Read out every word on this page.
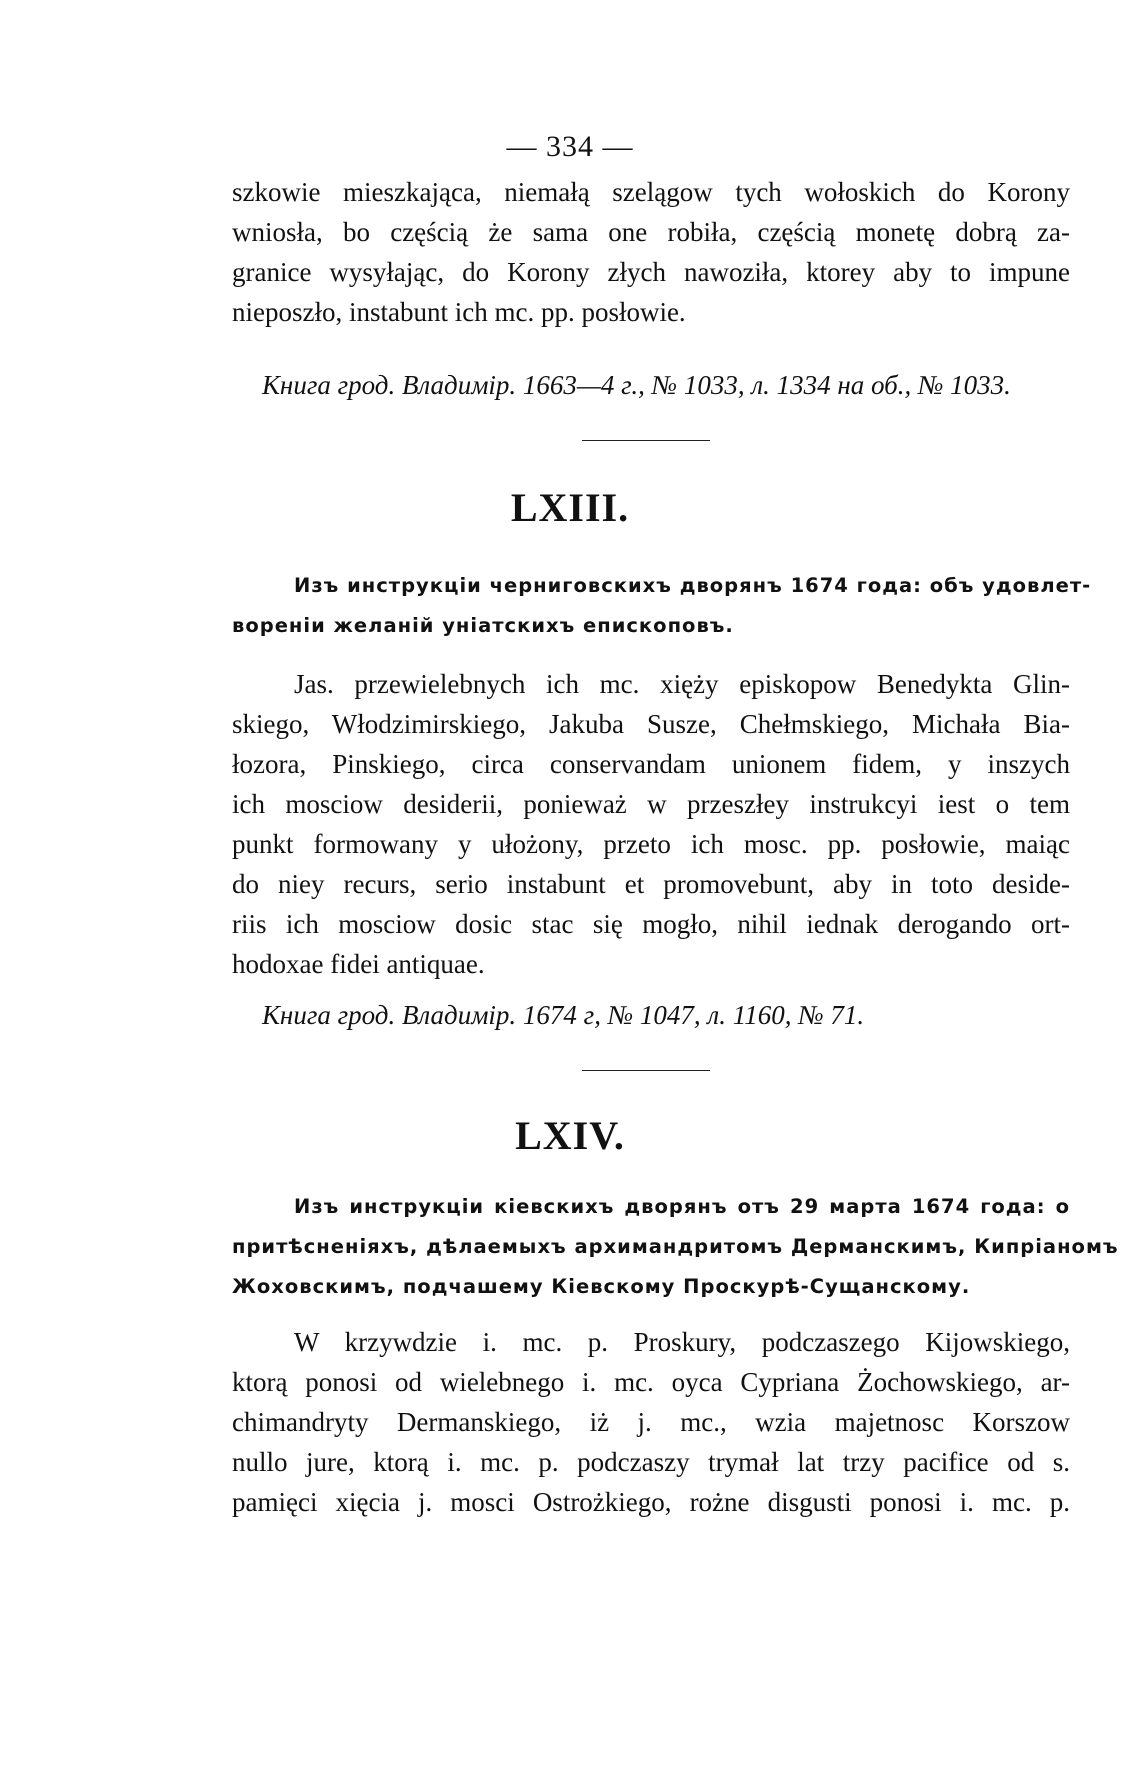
— 334 —
szkowie mieszkająca, niemałą szelągow tych wołoskich do Korony
wniosła, bo częścią że sama one robiła, częścią monetę dobrą za-
granice wysyłając, do Korony złych nawoziła, ktorey aby to impune
nieposzło, instabunt ich mc. pp. posłowie.
Книга грод. Владимір. 1663—4 г., № 1033, л. 1334 на об., № 1033.
LXIII.
Изъ инструкціи черниговскихъ дворянъ 1674 года: объ удовлет-
вореніи желаній уніатскихъ епископовъ.
Jas. przewielebnych ich mc. xięży episkopow Benedykta Glin-
skiego, Włodzimirskiego, Jakuba Susze, Chełmskiego, Michała Bia-
łozora, Pinskiego, circa conservandam unionem fidem, y inszych
ich mosciow desiderii, ponieważ w przeszłey instrukcyi iest o tem
punkt formowany y ułożony, przeto ich mosc. pp. posłowie, maiąc
do niey recurs, serio instabunt et promovebunt, aby in toto deside-
riis ich mosciow dosic stac się mogło, nihil iednak derogando ort-
hodoxae fidei antiquae.
Книга грод. Владимір. 1674 г, № 1047, л. 1160, № 71.
LXIV.
Изъ инструкціи кіевскихъ дворянъ отъ 29 марта 1674 года: о
притѣсненіяхъ, дѣлаемыхъ архимандритомъ Дерманскимъ, Кипріаномъ
Жоховскимъ, подчашему Кіевскому Проскурѣ-Сущанскому.
W krzywdzie i. mc. p. Proskury, podczaszego Kijowskiego,
ktorą ponosi od wielebnego i. mc. oyca Cypriana Żochowskiego, ar-
chimandryty Dermanskiego, iż j. mc., wzia majetnosc Korszow
nullo jure, ktorą i. mc. p. podczaszy trymał lat trzy pacifice od s.
pamięci xięcia j. mosci Ostrożkiego, rożne disgusti ponosi i. mc. p.
